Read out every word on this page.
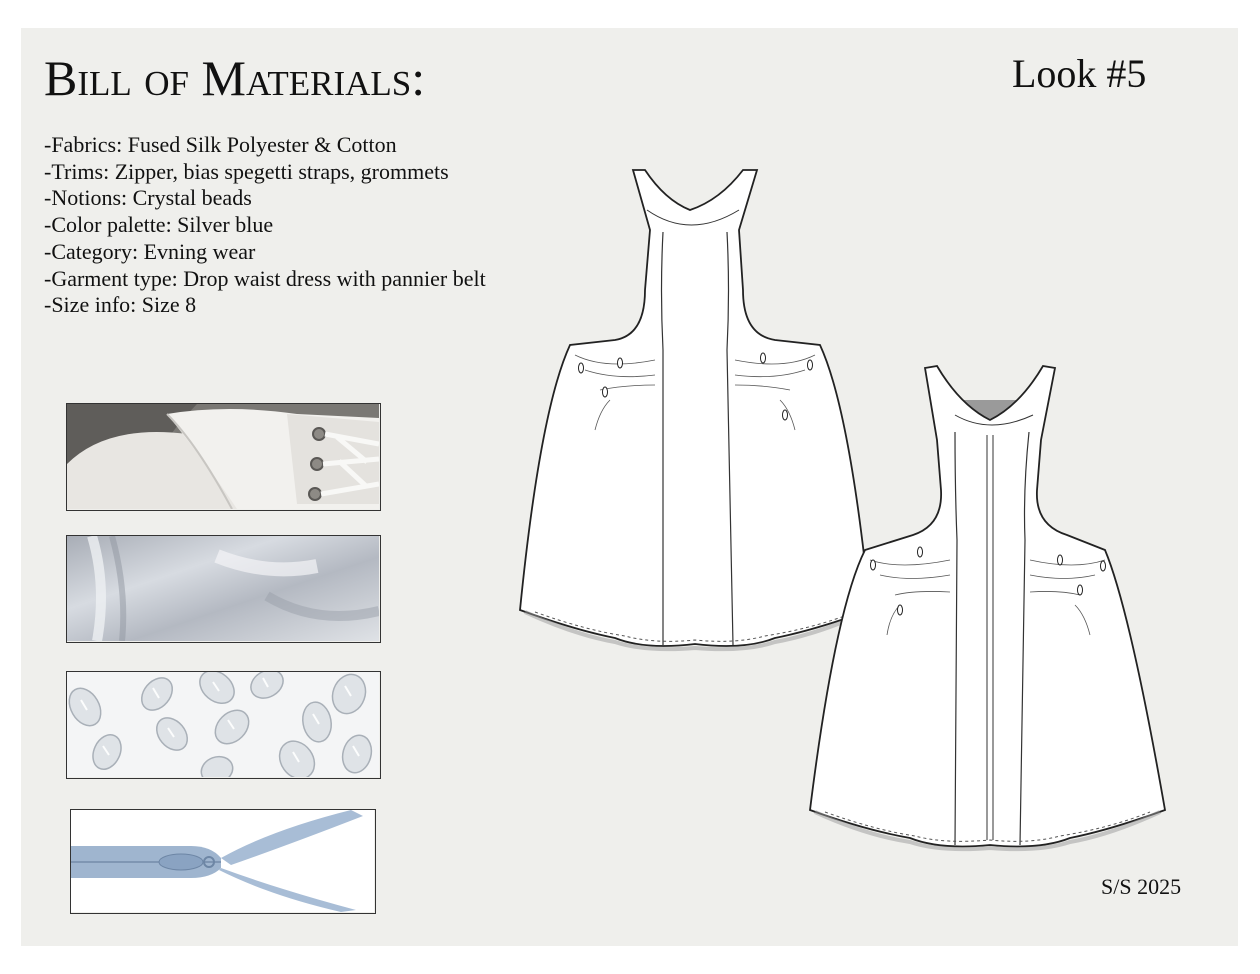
Bill of Materials:	Look #5
-Fabrics: Fused Silk Polyester & Cotton
-Trims: Zipper, bias spegetti straps, grommets
-Notions: Crystal beads
-Color palette: Silver blue
-Category: Evning wear
-Garment type: Drop waist dress with pannier belt
-Size info: Size 8
S/S 2025
